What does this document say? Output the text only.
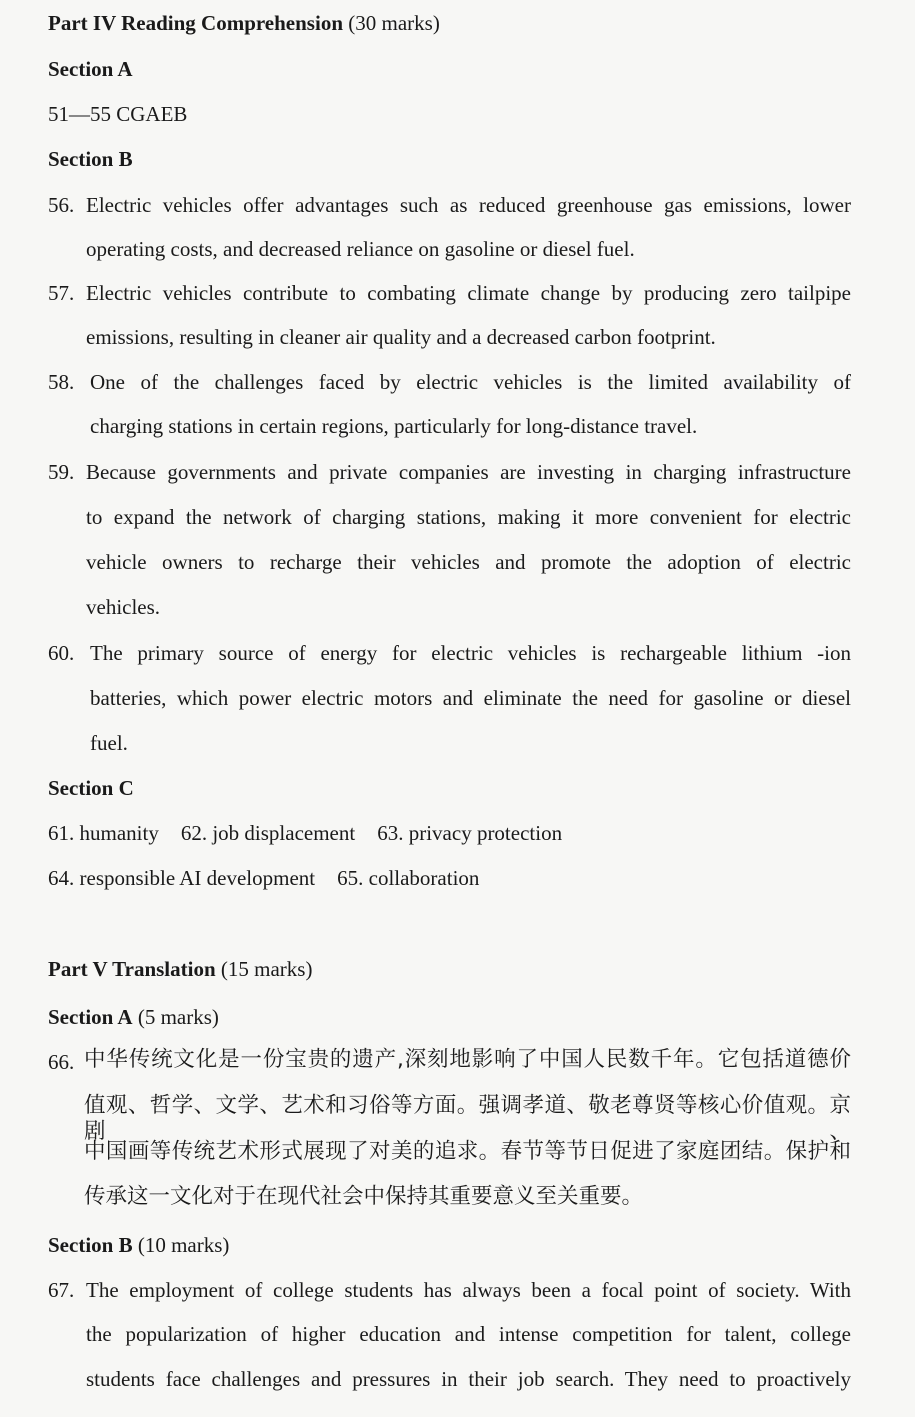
Part IV Reading Comprehension (30 marks)
Section A
51—55 CGAEB
Section B
56. Electric vehicles offer advantages such as reduced greenhouse gas emissions, lower
operating costs, and decreased reliance on gasoline or diesel fuel.
57. Electric vehicles contribute to combating climate change by producing zero tailpipe
emissions, resulting in cleaner air quality and a decreased carbon footprint.
58. One of the challenges faced by electric vehicles is the limited availability of
charging stations in certain regions, particularly for long-distance travel.
59. Because governments and private companies are investing in charging infrastructure
to expand the network of charging stations, making it more convenient for electric
vehicle owners to recharge their vehicles and promote the adoption of electric
vehicles.
60. The primary source of energy for electric vehicles is rechargeable lithium -ion
batteries, which power electric motors and eliminate the need for gasoline or diesel
fuel.
Section C
61. humanity 62. job displacement 63. privacy protection
64. responsible AI development 65. collaboration
Part V Translation (15 marks)
Section A (5 marks)
66. 中华传统文化是一份宝贵的遗产,深刻地影响了中国人民数千年。它包括道德价
值观、哲学、文学、艺术和习俗等方面。强调孝道、敬老尊贤等核心价值观。京剧、
中国画等传统艺术形式展现了对美的追求。春节等节日促进了家庭团结。保护和
传承这一文化对于在现代社会中保持其重要意义至关重要。
Section B (10 marks)
67. The employment of college students has always been a focal point of society. With
the popularization of higher education and intense competition for talent, college
students face challenges and pressures in their job search. They need to proactively
